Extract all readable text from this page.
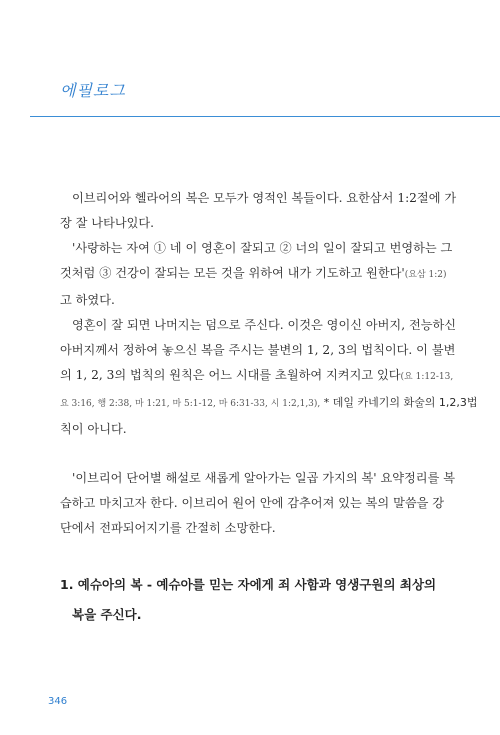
에필로그
이브리어와 헬라어의 복은 모두가 영적인 복들이다. 요한삼서 1:2절에 가
장 잘 나타나있다.
'사랑하는 자여 ① 네 이 영혼이 잘되고 ② 너의 일이 잘되고 번영하는 그
것처럼 ③ 건강이 잘되는 모든 것을 위하여 내가 기도하고 원한다'(요삼 1:2)
고 하였다.
영혼이 잘 되면 나머지는 덤으로 주신다. 이것은 영이신 아버지, 전능하신
아버지께서 정하여 놓으신 복을 주시는 불변의 1, 2, 3의 법칙이다. 이 불변
의 1, 2, 3의 법칙의 원칙은 어느 시대를 초월하여 지켜지고 있다(요 1:12-13,
요 3:16, 행 2:38, 마 1:21, 마 5:1-12, 마 6:31-33, 시 1:2,1,3), * 데일 카네기의 화술의 1,2,3법
칙이 아니다.
'이브리어 단어별 해설로 새롭게 알아가는 일곱 가지의 복' 요약정리를 복
습하고 마치고자 한다. 이브리어 원어 안에 감추어져 있는 복의 말씀을 강
단에서 전파되어지기를 간절히 소망한다.
1. 예슈아의 복 - 예슈아를 믿는 자에게 죄 사함과 영생구원의 최상의
복을 주신다.
346
